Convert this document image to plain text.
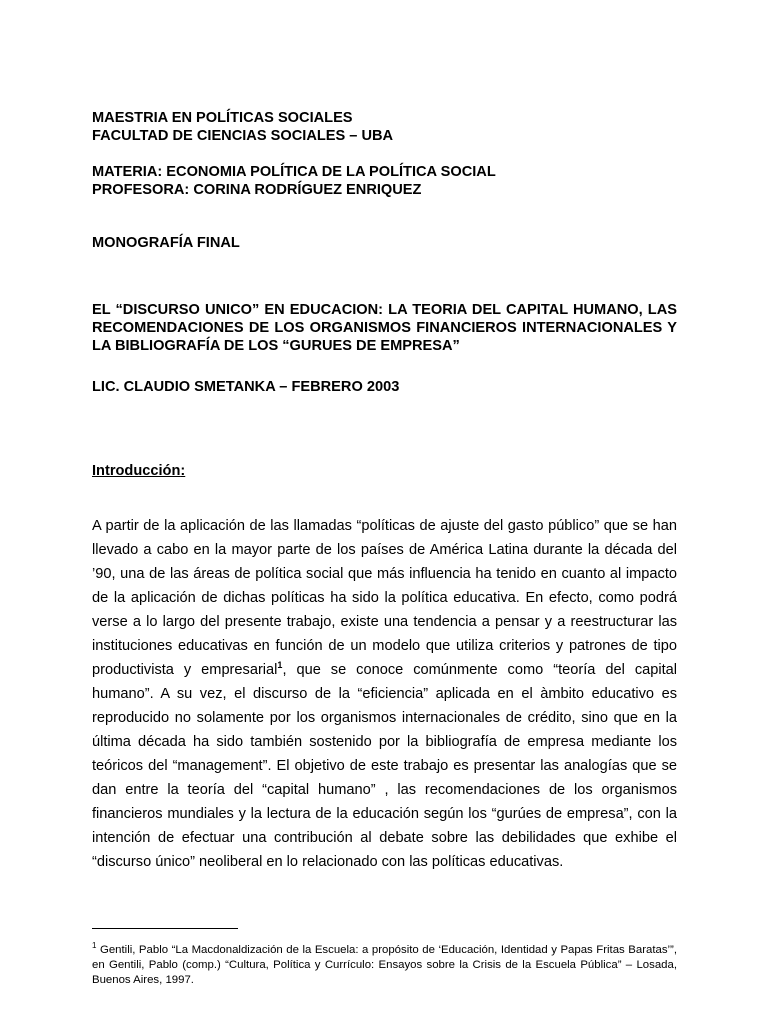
MAESTRIA EN POLÍTICAS SOCIALES

FACULTAD DE CIENCIAS SOCIALES – UBA

MATERIA: ECONOMIA POLÍTICA DE LA POLÍTICA SOCIAL

PROFESORA: CORINA RODRÍGUEZ ENRIQUEZ

MONOGRAFÍA FINAL

EL “DISCURSO UNICO” EN EDUCACION: LA TEORIA DEL CAPITAL HUMANO, LAS RECOMENDACIONES DE LOS ORGANISMOS FINANCIEROS INTERNACIONALES Y LA BIBLIOGRAFÍA DE LOS “GURUES DE EMPRESA”

LIC. CLAUDIO SMETANKA – FEBRERO 2003

Introducción:

A partir de la aplicación de las llamadas “políticas de ajuste del gasto público” que se han llevado a cabo en la mayor parte de los países de América Latina durante la década del ’90, una de las áreas de política social que más influencia ha tenido en cuanto al impacto de la aplicación de dichas políticas ha sido la política educativa. En efecto, como podrá verse a lo largo del presente trabajo, existe una tendencia a pensar y a reestructurar las instituciones educativas en función de un modelo que utiliza criterios y patrones de tipo productivista y empresarial$^1$, que se conoce comúnmente como “teoría del capital humano”. A su vez, el discurso de la “eficiencia” aplicada en el àmbito educativo es reproducido no solamente por los organismos internacionales de crédito, sino que en la última década ha sido también sostenido por la bibliografía de empresa mediante los teóricos del “management”. El objetivo de este trabajo es presentar las analogías que se dan entre la teoría del “capital humano” , las recomendaciones de los organismos financieros mundiales y la lectura de la educación según los “gurúes de empresa”, con la intención de efectuar una contribución al debate sobre las debilidades que exhibe el “discurso único” neoliberal en lo relacionado con las políticas educativas.

$^1$ Gentili, Pablo “La Macdonaldización de la Escuela: a propósito de ‘Educación, Identidad y Papas Fritas Baratas’”, en Gentili, Pablo (comp.) “Cultura, Política y Currículo: Ensayos sobre la Crisis de la Escuela Pública” – Losada, Buenos Aires, 1997.
